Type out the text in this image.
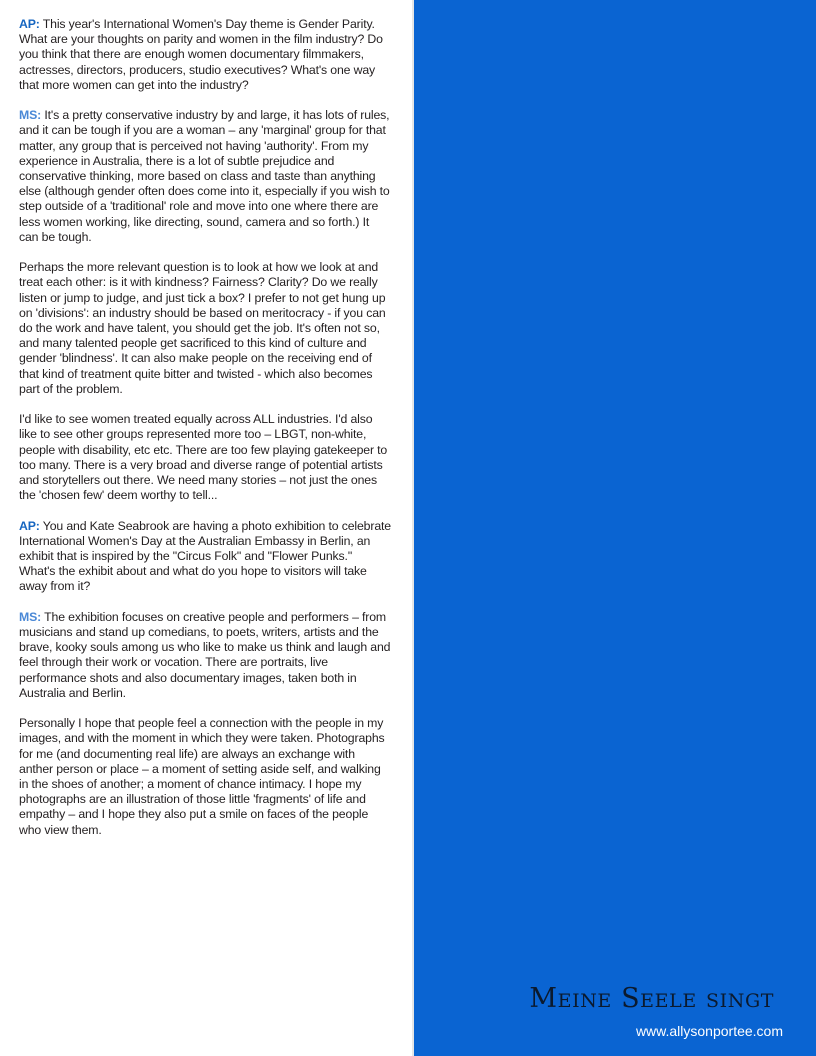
AP: This year's International Women's Day theme is Gender Parity. What are your thoughts on parity and women in the film industry? Do you think that there are enough women documentary filmmakers, actresses, directors, producers, studio executives? What's one way that more women can get into the industry?

MS: It's a pretty conservative industry by and large, it has lots of rules, and it can be tough if you are a woman – any 'marginal' group for that matter, any group that is perceived not having 'authority'. From my experience in Australia, there is a lot of subtle prejudice and conservative thinking, more based on class and taste than anything else (although gender often does come into it, especially if you wish to step outside of a 'traditional' role and move into one where there are less women working, like directing, sound, camera and so forth.) It can be tough.

Perhaps the more relevant question is to look at how we look at and treat each other: is it with kindness? Fairness? Clarity? Do we really listen or jump to judge, and just tick a box? I prefer to not get hung up on 'divisions': an industry should be based on meritocracy - if you can do the work and have talent, you should get the job. It's often not so, and many talented people get sacrificed to this kind of culture and gender 'blindness'. It can also make people on the receiving end of that kind of treatment quite bitter and twisted - which also becomes part of the problem.

I'd like to see women treated equally across ALL industries. I'd also like to see other groups represented more too – LBGT, non-white, people with disability, etc etc. There are too few playing gatekeeper to too many. There is a very broad and diverse range of potential artists and storytellers out there. We need many stories – not just the ones the 'chosen few' deem worthy to tell...

AP: You and Kate Seabrook are having a photo exhibition to celebrate International Women's Day at the Australian Embassy in Berlin, an exhibit that is inspired by the "Circus Folk" and "Flower Punks." What's the exhibit about and what do you hope to visitors will take away from it?

MS: The exhibition focuses on creative people and performers – from musicians and stand up comedians, to poets, writers, artists and the brave, kooky souls among us who like to make us think and laugh and feel through their work or vocation. There are portraits, live performance shots and also documentary images, taken both in Australia and Berlin.

Personally I hope that people feel a connection with the people in my images, and with the moment in which they were taken. Photographs for me (and documenting real life) are always an exchange with anther person or place – a moment of setting aside self, and walking in the shoes of another; a moment of chance intimacy. I hope my photographs are an illustration of those little 'fragments' of life and empathy – and I hope they also put a smile on faces of the people who view them.

Meine Seele singt
www.allysonportee.com
